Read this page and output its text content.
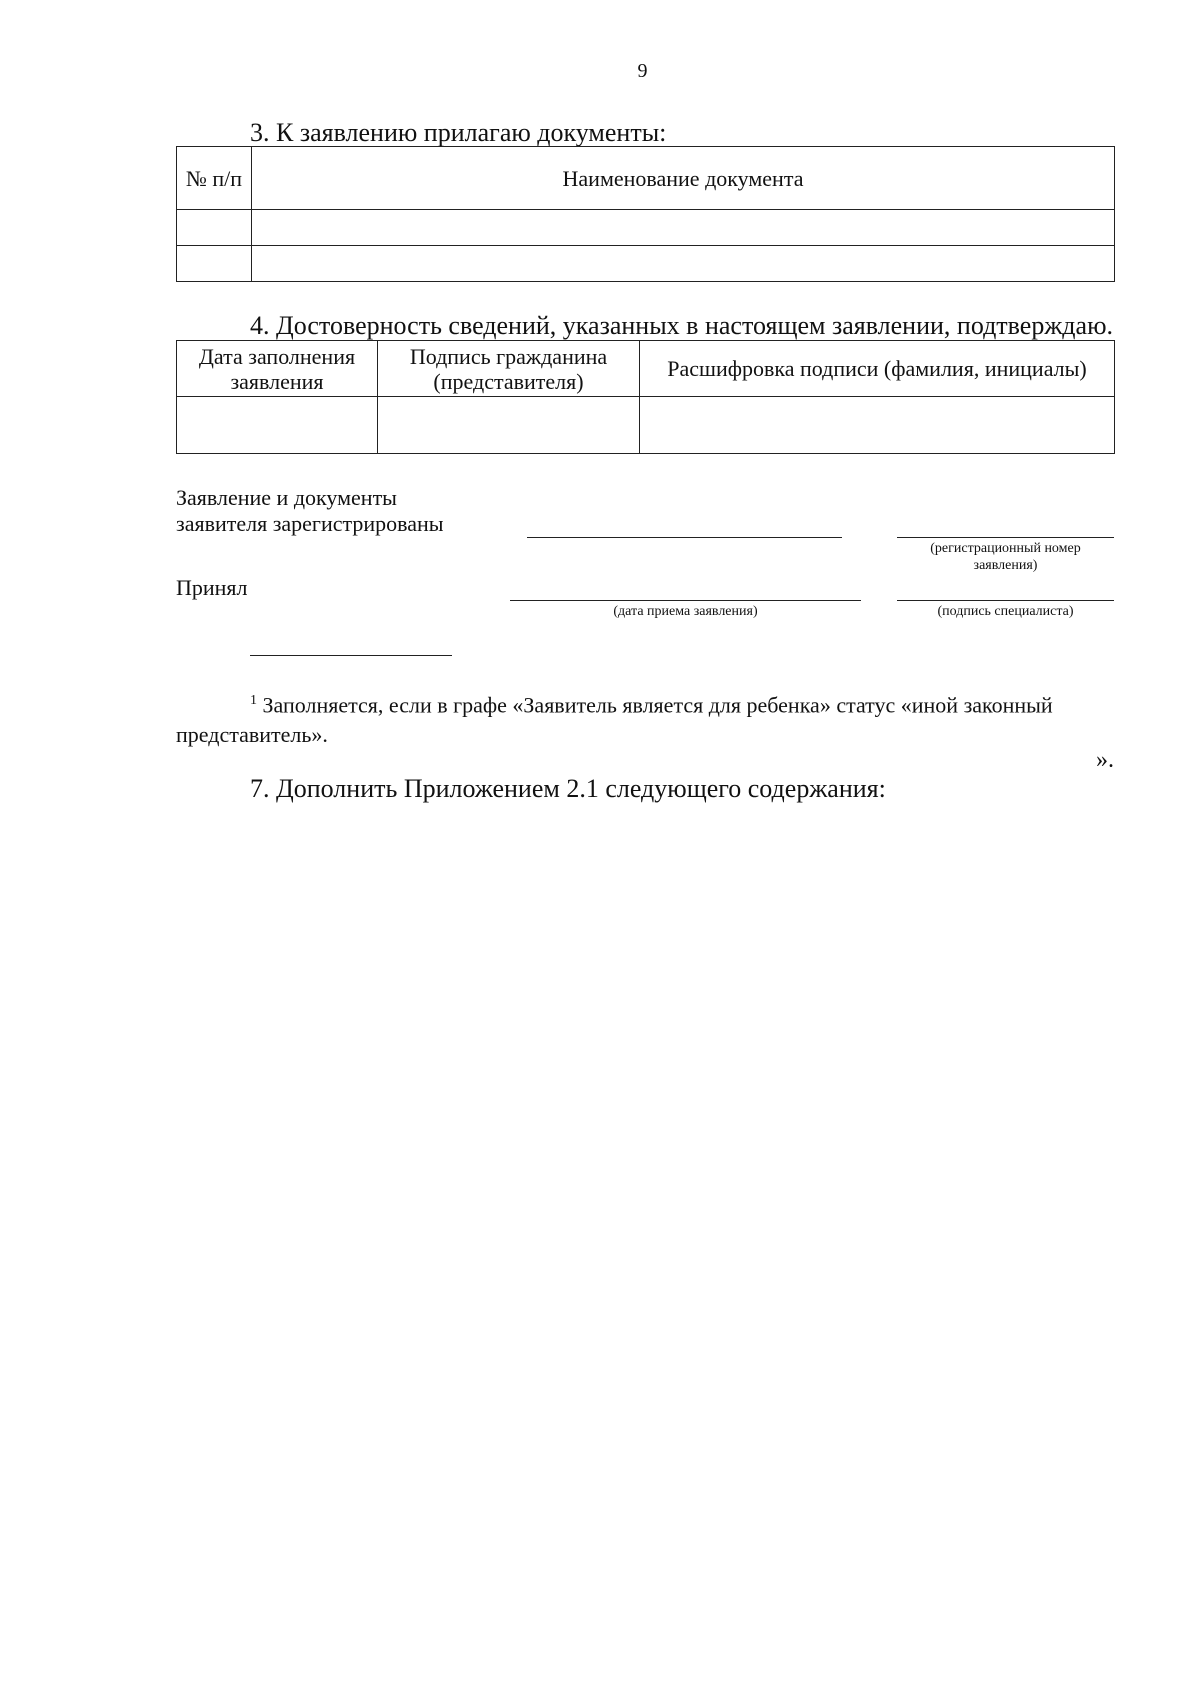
9
3. К заявлению прилагаю документы:
№ п/п	Наименование документа

4. Достоверность сведений, указанных в настоящем заявлении, подтверждаю.
Дата заполнения заявления	Подпись гражданина (представителя)	Расшифровка подписи (фамилия, инициалы)

Заявление и документы
заявителя зарегистрированы
(регистрационный номер заявления)
Принял
(дата приема заявления)	(подпись специалиста)
$^1$ Заполняется, если в графе «Заявитель является для ребенка» статус «иной законный представитель».
».
7. Дополнить Приложением 2.1 следующего содержания:
